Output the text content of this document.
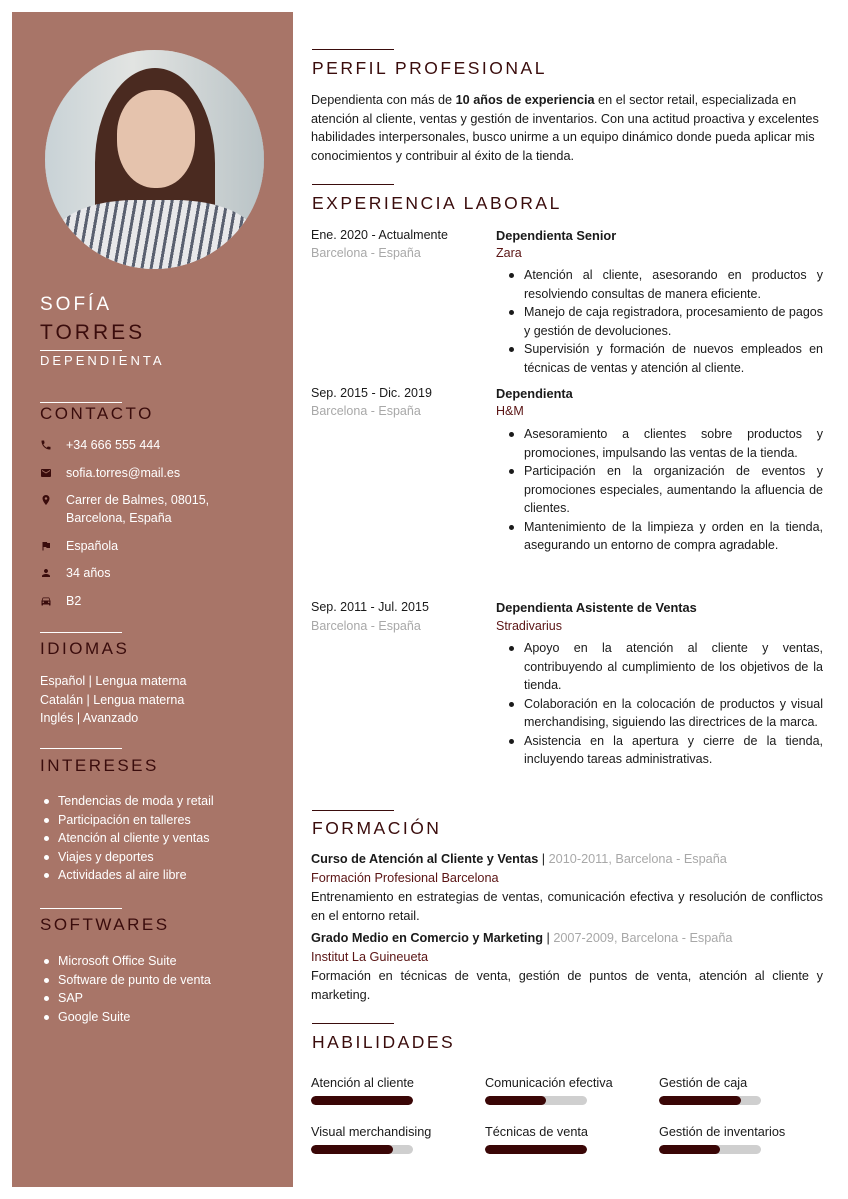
SOFÍA
TORRES
DEPENDIENTA
CONTACTO
+34 666 555 444
sofia.torres@mail.es
Carrer de Balmes, 08015,
Barcelona, España
Española
34 años
B2
IDIOMAS
Español | Lengua materna
Catalán | Lengua materna
Inglés | Avanzado
INTERESES
Tendencias de moda y retail
Participación en talleres
Atención al cliente y ventas
Viajes y deportes
Actividades al aire libre
SOFTWARES
Microsoft Office Suite
Software de punto de venta
SAP
Google Suite
PERFIL PROFESIONAL
Dependienta con más de 10 años de experiencia en el sector retail, especializada en atención al cliente, ventas y gestión de inventarios. Con una actitud proactiva y excelentes habilidades interpersonales, busco unirme a un equipo dinámico donde pueda aplicar mis conocimientos y contribuir al éxito de la tienda.
EXPERIENCIA LABORAL
Ene. 2020 - Actualmente
Barcelona - España
Dependienta Senior
Zara
Atención al cliente, asesorando en productos y resolviendo consultas de manera eficiente.
Manejo de caja registradora, procesamiento de pagos y gestión de devoluciones.
Supervisión y formación de nuevos empleados en técnicas de ventas y atención al cliente.
Sep. 2015 - Dic. 2019
Barcelona - España
Dependienta
H&M
Asesoramiento a clientes sobre productos y promociones, impulsando las ventas de la tienda.
Participación en la organización de eventos y promociones especiales, aumentando la afluencia de clientes.
Mantenimiento de la limpieza y orden en la tienda, asegurando un entorno de compra agradable.
Sep. 2011 - Jul. 2015
Barcelona - España
Dependienta Asistente de Ventas
Stradivarius
Apoyo en la atención al cliente y ventas, contribuyendo al cumplimiento de los objetivos de la tienda.
Colaboración en la colocación de productos y visual merchandising, siguiendo las directrices de la marca.
Asistencia en la apertura y cierre de la tienda, incluyendo tareas administrativas.
FORMACIÓN
Curso de Atención al Cliente y Ventas | 2010-2011, Barcelona - España
Formación Profesional Barcelona
Entrenamiento en estrategias de ventas, comunicación efectiva y resolución de conflictos en el entorno retail.
Grado Medio en Comercio y Marketing | 2007-2009, Barcelona - España
Institut La Guineueta
Formación en técnicas de venta, gestión de puntos de venta, atención al cliente y marketing.
HABILIDADES
Atención al cliente	Comunicación efectiva	Gestión de caja
Visual merchandising	Técnicas de venta	Gestión de inventarios
